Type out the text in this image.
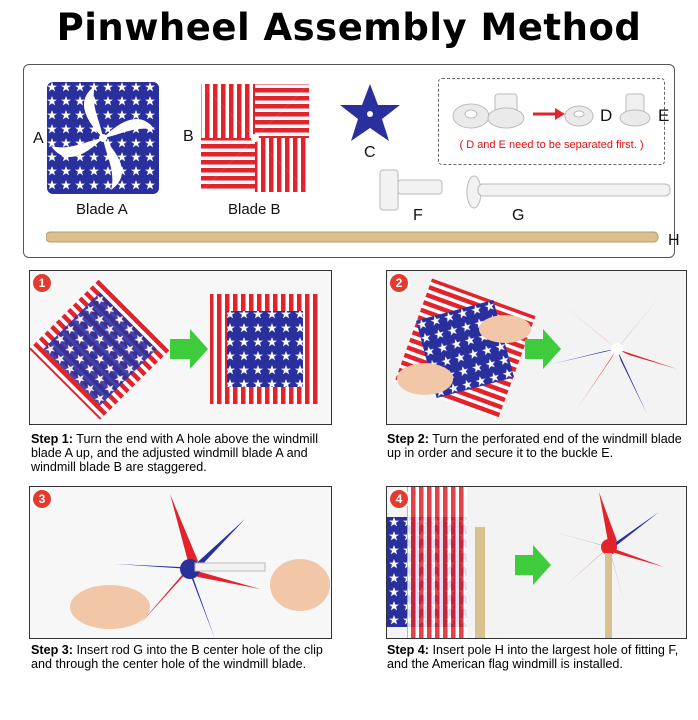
Pinwheel Assembly Method
A
Blade A
B
Blade B
C
D	E
( D and E need to be separated first. )
F	G
H
1	2
3	4
Step 1: Turn the end with A hole above the windmill blade A up, and the adjusted windmill blade A and windmill blade B are staggered.
Step 2: Turn the perforated end of the windmill blade up in order and secure it to the buckle E.
Step 3: Insert rod G into the B center hole of the clip and through the center hole of the windmill blade.
Step 4: Insert pole H into the largest hole of fitting F, and the American flag windmill is installed.
